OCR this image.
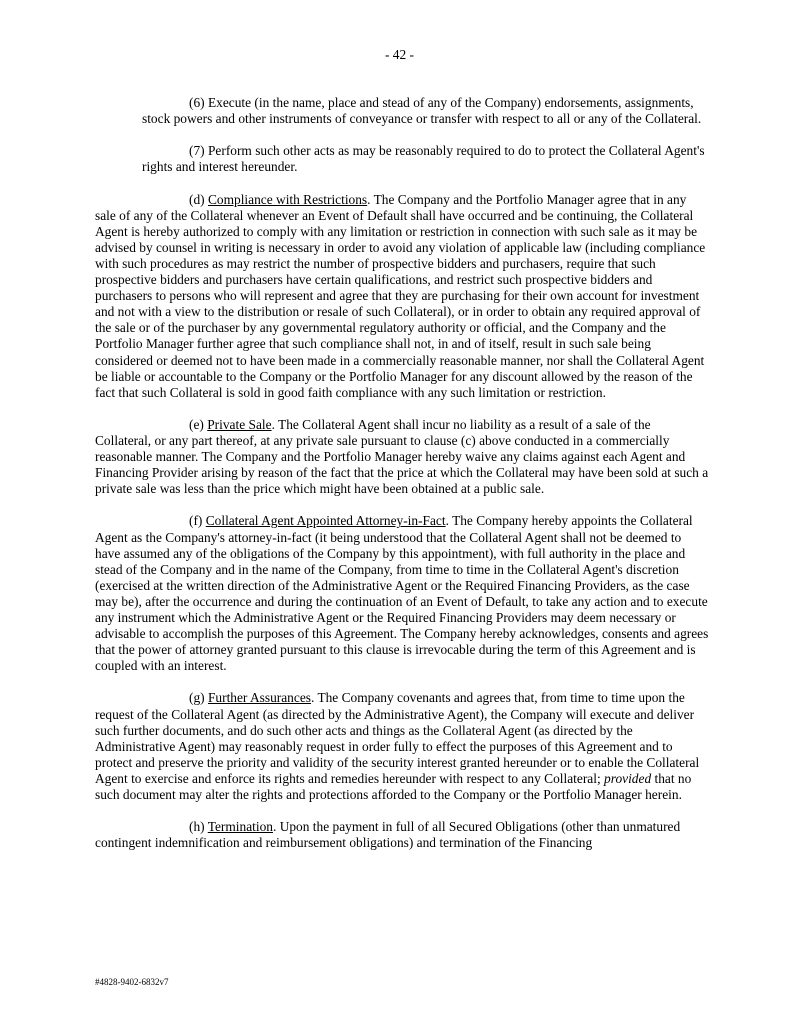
- 42 -

(6) Execute (in the name, place and stead of any of the Company) endorsements, assignments, stock powers and other instruments of conveyance or transfer with respect to all or any of the Collateral.

(7) Perform such other acts as may be reasonably required to do to protect the Collateral Agent's rights and interest hereunder.

(d) Compliance with Restrictions. The Company and the Portfolio Manager agree that in any sale of any of the Collateral whenever an Event of Default shall have occurred and be continuing, the Collateral Agent is hereby authorized to comply with any limitation or restriction in connection with such sale as it may be advised by counsel in writing is necessary in order to avoid any violation of applicable law (including compliance with such procedures as may restrict the number of prospective bidders and purchasers, require that such prospective bidders and purchasers have certain qualifications, and restrict such prospective bidders and purchasers to persons who will represent and agree that they are purchasing for their own account for investment and not with a view to the distribution or resale of such Collateral), or in order to obtain any required approval of the sale or of the purchaser by any governmental regulatory authority or official, and the Company and the Portfolio Manager further agree that such compliance shall not, in and of itself, result in such sale being considered or deemed not to have been made in a commercially reasonable manner, nor shall the Collateral Agent be liable or accountable to the Company or the Portfolio Manager for any discount allowed by the reason of the fact that such Collateral is sold in good faith compliance with any such limitation or restriction.

(e) Private Sale. The Collateral Agent shall incur no liability as a result of a sale of the Collateral, or any part thereof, at any private sale pursuant to clause (c) above conducted in a commercially reasonable manner. The Company and the Portfolio Manager hereby waive any claims against each Agent and Financing Provider arising by reason of the fact that the price at which the Collateral may have been sold at such a private sale was less than the price which might have been obtained at a public sale.

(f) Collateral Agent Appointed Attorney-in-Fact. The Company hereby appoints the Collateral Agent as the Company's attorney-in-fact (it being understood that the Collateral Agent shall not be deemed to have assumed any of the obligations of the Company by this appointment), with full authority in the place and stead of the Company and in the name of the Company, from time to time in the Collateral Agent's discretion (exercised at the written direction of the Administrative Agent or the Required Financing Providers, as the case may be), after the occurrence and during the continuation of an Event of Default, to take any action and to execute any instrument which the Administrative Agent or the Required Financing Providers may deem necessary or advisable to accomplish the purposes of this Agreement. The Company hereby acknowledges, consents and agrees that the power of attorney granted pursuant to this clause is irrevocable during the term of this Agreement and is coupled with an interest.

(g) Further Assurances. The Company covenants and agrees that, from time to time upon the request of the Collateral Agent (as directed by the Administrative Agent), the Company will execute and deliver such further documents, and do such other acts and things as the Collateral Agent (as directed by the Administrative Agent) may reasonably request in order fully to effect the purposes of this Agreement and to protect and preserve the priority and validity of the security interest granted hereunder or to enable the Collateral Agent to exercise and enforce its rights and remedies hereunder with respect to any Collateral; provided that no such document may alter the rights and protections afforded to the Company or the Portfolio Manager herein.

(h) Termination. Upon the payment in full of all Secured Obligations (other than unmatured contingent indemnification and reimbursement obligations) and termination of the Financing

#4828-9402-6832v7
